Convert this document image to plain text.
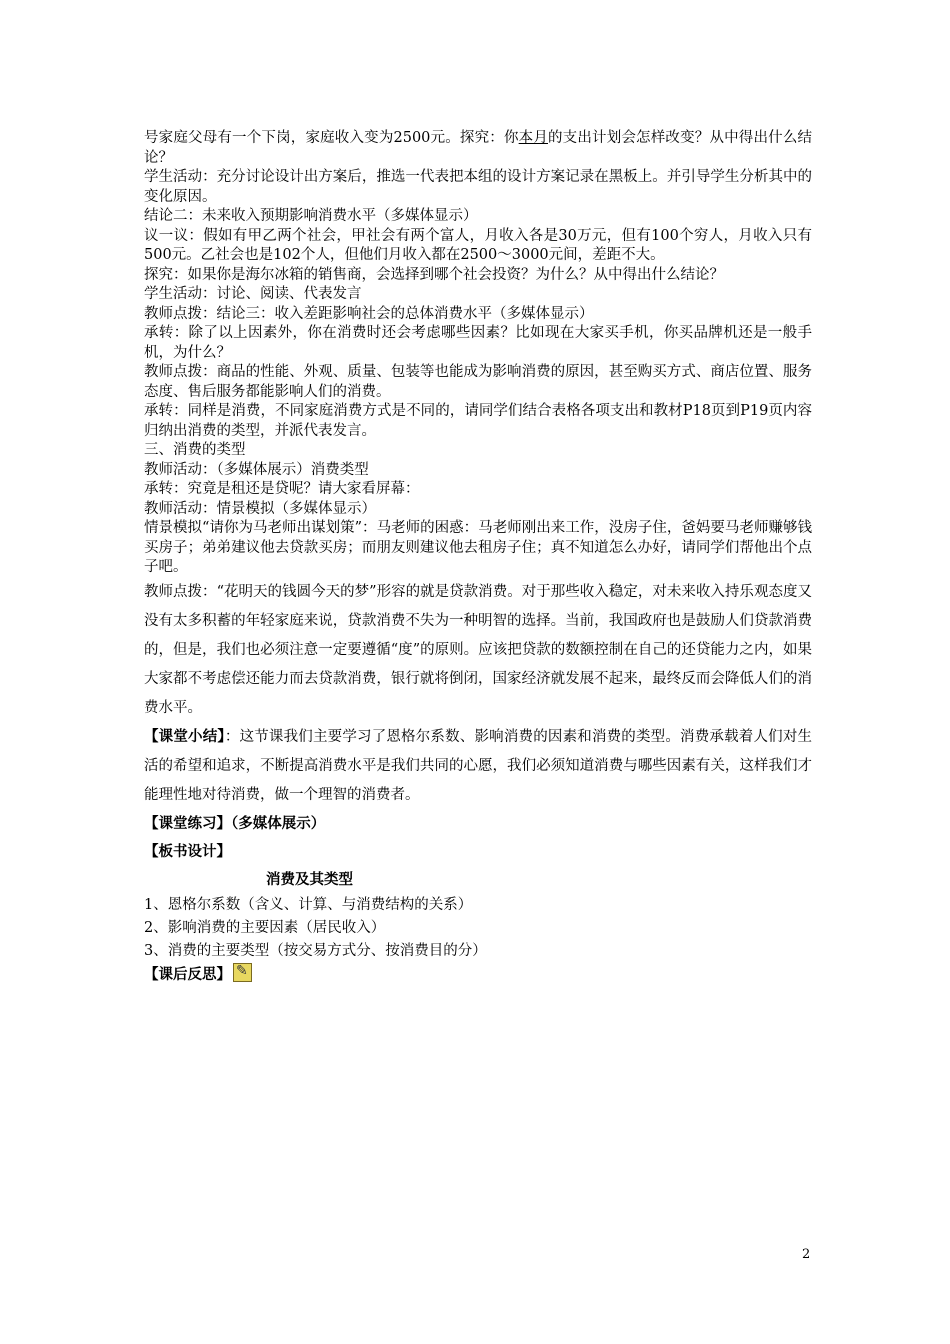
号家庭父母有一个下岗，家庭收入变为2500元。探究：你本月的支出计划会怎样改变？从中得出什么结论？

学生活动：充分讨论设计出方案后，推选一代表把本组的设计方案记录在黑板上。并引导学生分析其中的变化原因。

结论二：未来收入预期影响消费水平（多媒体显示）

议一议：假如有甲乙两个社会，甲社会有两个富人，月收入各是30万元，但有100个穷人，月收入只有500元。乙社会也是102个人，但他们月收入都在2500～3000元间，差距不大。

探究：如果你是海尔冰箱的销售商，会选择到哪个社会投资？为什么？从中得出什么结论？

学生活动：讨论、阅读、代表发言

教师点拨：结论三：收入差距影响社会的总体消费水平（多媒体显示）

承转：除了以上因素外，你在消费时还会考虑哪些因素？比如现在大家买手机，你买品牌机还是一般手机，为什么？

教师点拨：商品的性能、外观、质量、包装等也能成为影响消费的原因，甚至购买方式、商店位置、服务态度、售后服务都能影响人们的消费。

承转：同样是消费，不同家庭消费方式是不同的，请同学们结合表格各项支出和教材P18页到P19页内容归纳出消费的类型，并派代表发言。

三、消费的类型

教师活动：（多媒体展示）消费类型

承转：究竟是租还是贷呢？请大家看屏幕：

教师活动：情景模拟（多媒体显示）

情景模拟“请你为马老师出谋划策”：马老师的困惑：马老师刚出来工作，没房子住，爸妈要马老师赚够钱买房子；弟弟建议他去贷款买房；而朋友则建议他去租房子住；真不知道怎么办好，请同学们帮他出个点子吧。

教师点拨：“花明天的钱圆今天的梦”形容的就是贷款消费。对于那些收入稳定，对未来收入持乐观态度又没有太多积蓄的年轻家庭来说，贷款消费不失为一种明智的选择。当前，我国政府也是鼓励人们贷款消费的，但是，我们也必须注意一定要遵循“度”的原则。应该把贷款的数额控制在自己的还贷能力之内，如果大家都不考虑偿还能力而去贷款消费，银行就将倒闭，国家经济就发展不起来，最终反而会降低人们的消费水平。

【课堂小结】：这节课我们主要学习了恩格尔系数、影响消费的因素和消费的类型。消费承载着人们对生活的希望和追求，不断提高消费水平是我们共同的心愿，我们必须知道消费与哪些因素有关，这样我们才能理性地对待消费，做一个理智的消费者。

【课堂练习】（多媒体展示）

【板书设计】

消费及其类型

1、恩格尔系数（含义、计算、与消费结构的关系）

2、影响消费的主要因素（居民收入）

3、消费的主要类型（按交易方式分、按消费目的分）

【课后反思】✎

2
